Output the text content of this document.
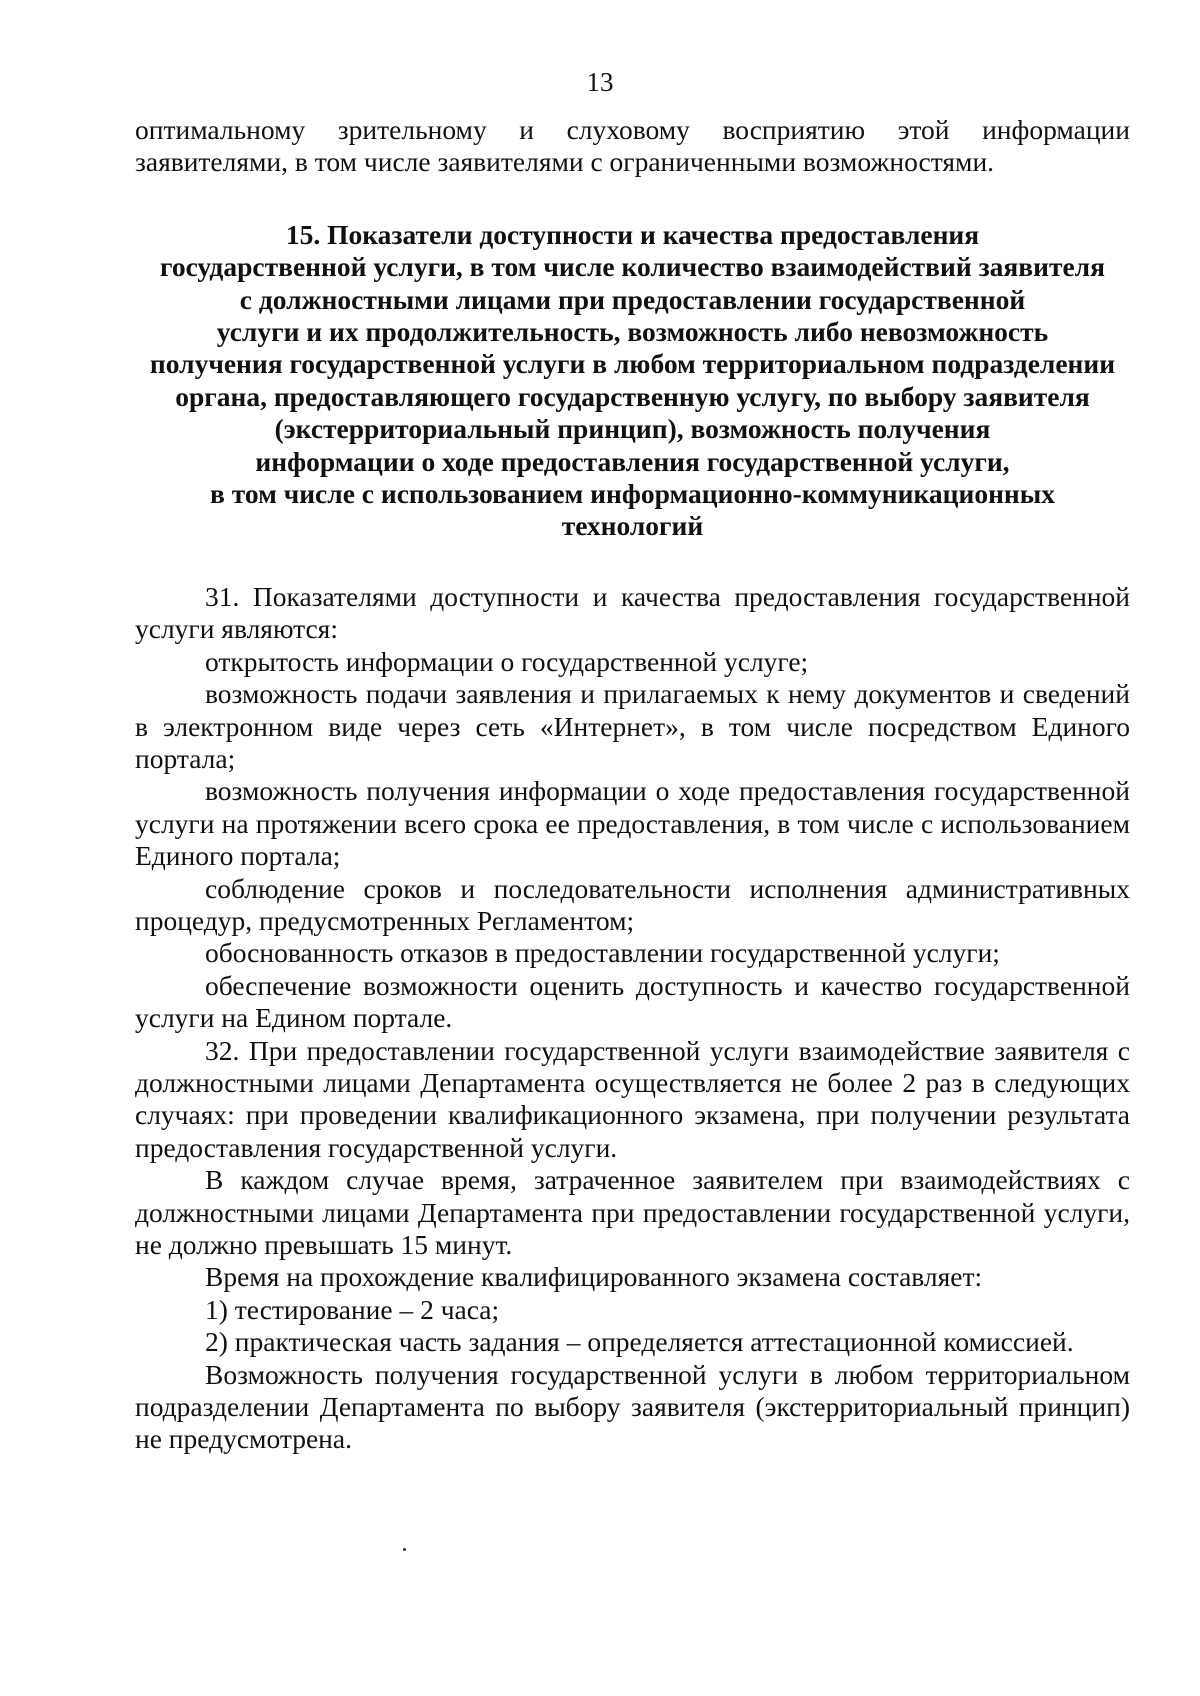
13

оптимальному зрительному и слуховому восприятию этой информации заявителями, в том числе заявителями с ограниченными возможностями.

15. Показатели доступности и качества предоставления
государственной услуги, в том числе количество взаимодействий заявителя
с должностными лицами при предоставлении государственной
услуги и их продолжительность, возможность либо невозможность
получения государственной услуги в любом территориальном подразделении
органа, предоставляющего государственную услугу, по выбору заявителя
(экстерриториальный принцип), возможность получения
информации о ходе предоставления государственной услуги,
в том числе с использованием информационно-коммуникационных
технологий

31. Показателями доступности и качества предоставления государственной услуги являются:

открытость информации о государственной услуге;

возможность подачи заявления и прилагаемых к нему документов и сведений в электронном виде через сеть «Интернет», в том числе посредством Единого портала;

возможность получения информации о ходе предоставления государственной услуги на протяжении всего срока ее предоставления, в том числе с использованием Единого портала;

соблюдение сроков и последовательности исполнения административных процедур, предусмотренных Регламентом;

обоснованность отказов в предоставлении государственной услуги;

обеспечение возможности оценить доступность и качество государственной услуги на Едином портале.

32. При предоставлении государственной услуги взаимодействие заявителя с должностными лицами Департамента осуществляется не более 2 раз в следующих случаях: при проведении квалификационного экзамена, при получении результата предоставления государственной услуги.

В каждом случае время, затраченное заявителем при взаимодействиях с должностными лицами Департамента при предоставлении государственной услуги, не должно превышать 15 минут.

Время на прохождение квалифицированного экзамена составляет:

1) тестирование – 2 часа;

2) практическая часть задания – определяется аттестационной комиссией.

Возможность получения государственной услуги в любом территориальном подразделении Департамента по выбору заявителя (экстерриториальный принцип) не предусмотрена.
